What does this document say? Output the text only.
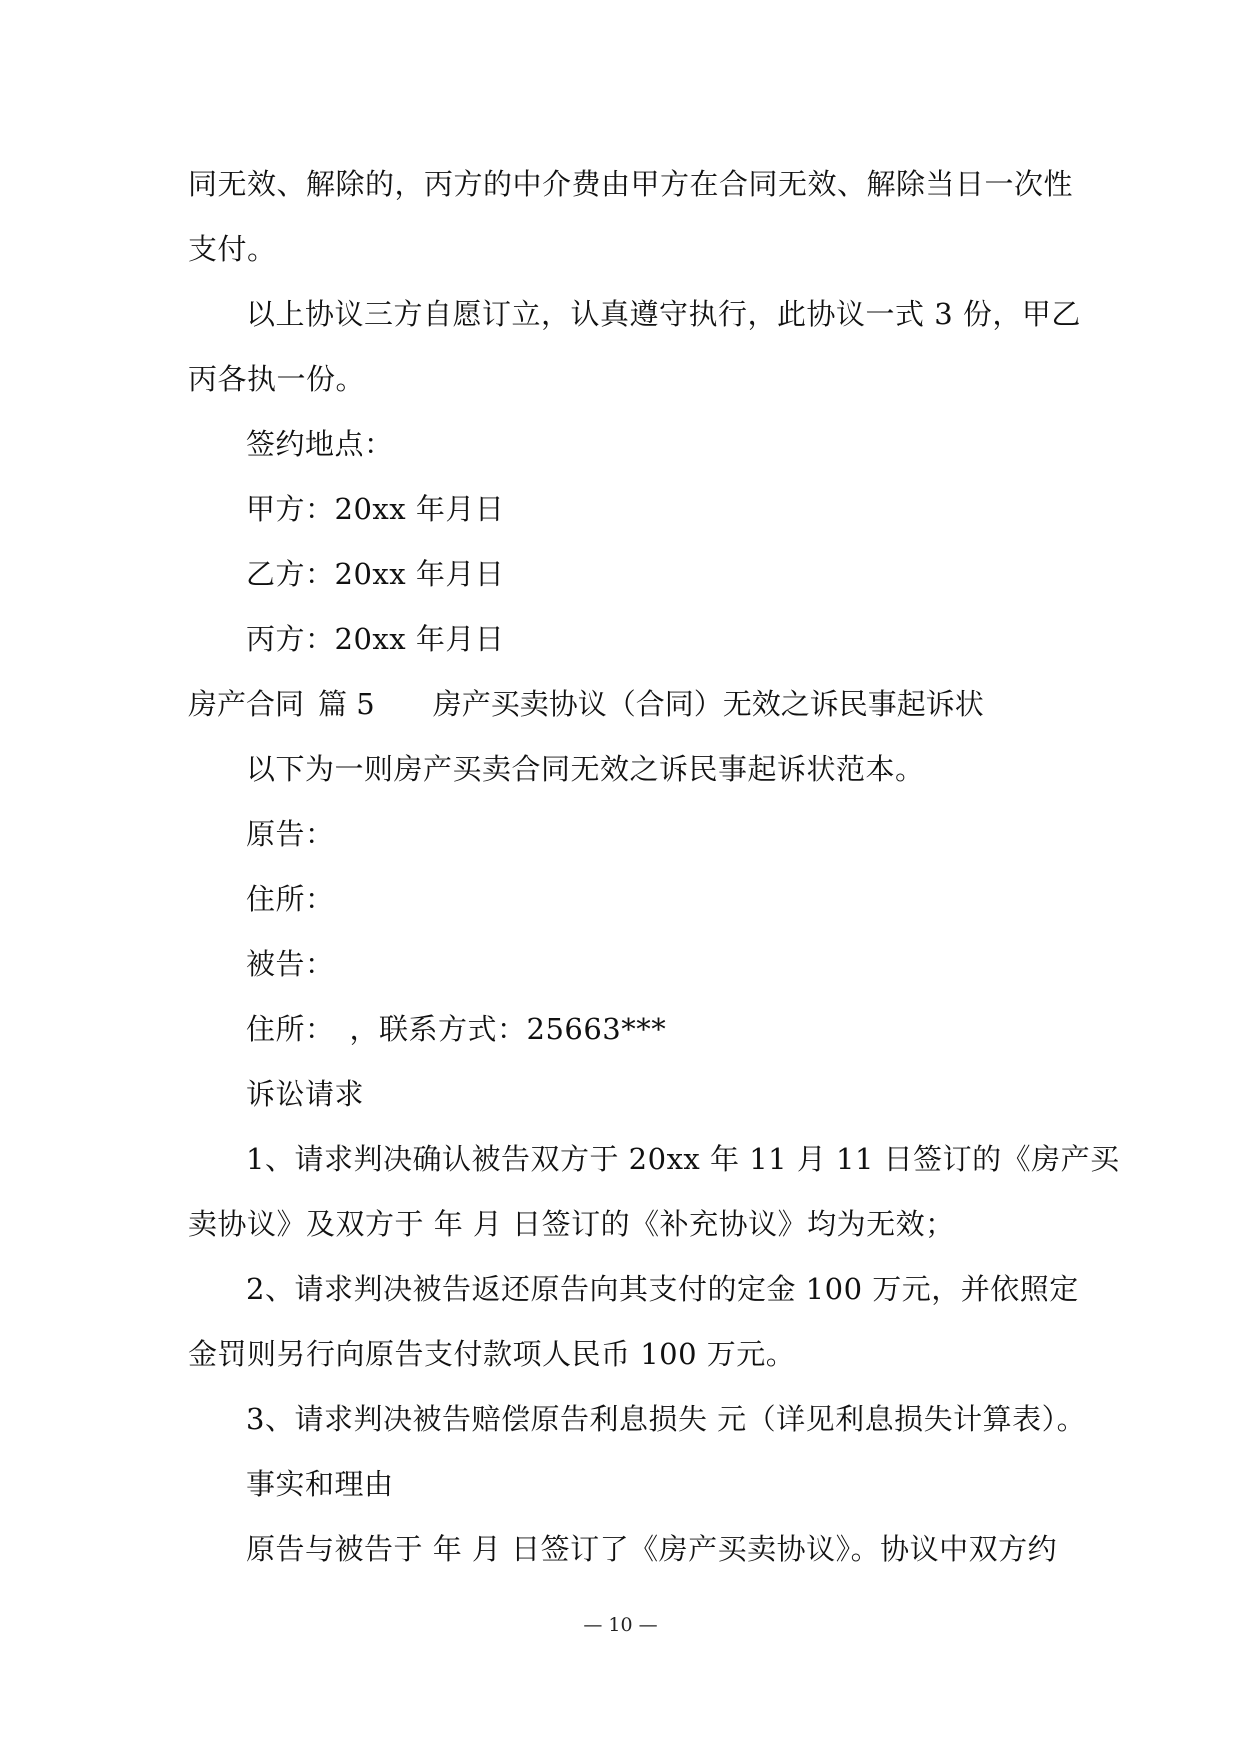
同无效、解除的，丙方的中介费由甲方在合同无效、解除当日一次性
支付。
以上协议三方自愿订立，认真遵守执行，此协议一式 3 份，甲乙
丙各执一份。
签约地点：
甲方：20xx 年月日
乙方：20xx 年月日
丙方：20xx 年月日
房产合同 篇 5 房产买卖协议（合同）无效之诉民事起诉状
以下为一则房产买卖合同无效之诉民事起诉状范本。
原告：
住所：
被告：
住所：　，联系方式：25663***
诉讼请求
1、请求判决确认被告双方于 20xx 年 11 月 11 日签订的《房产买
卖协议》及双方于 年 月 日签订的《补充协议》均为无效；
2、请求判决被告返还原告向其支付的定金 100 万元，并依照定
金罚则另行向原告支付款项人民币 100 万元。
3、请求判决被告赔偿原告利息损失 元（详见利息损失计算表）。
事实和理由
原告与被告于 年 月 日签订了《房产买卖协议》。协议中双方约
— 10 —
